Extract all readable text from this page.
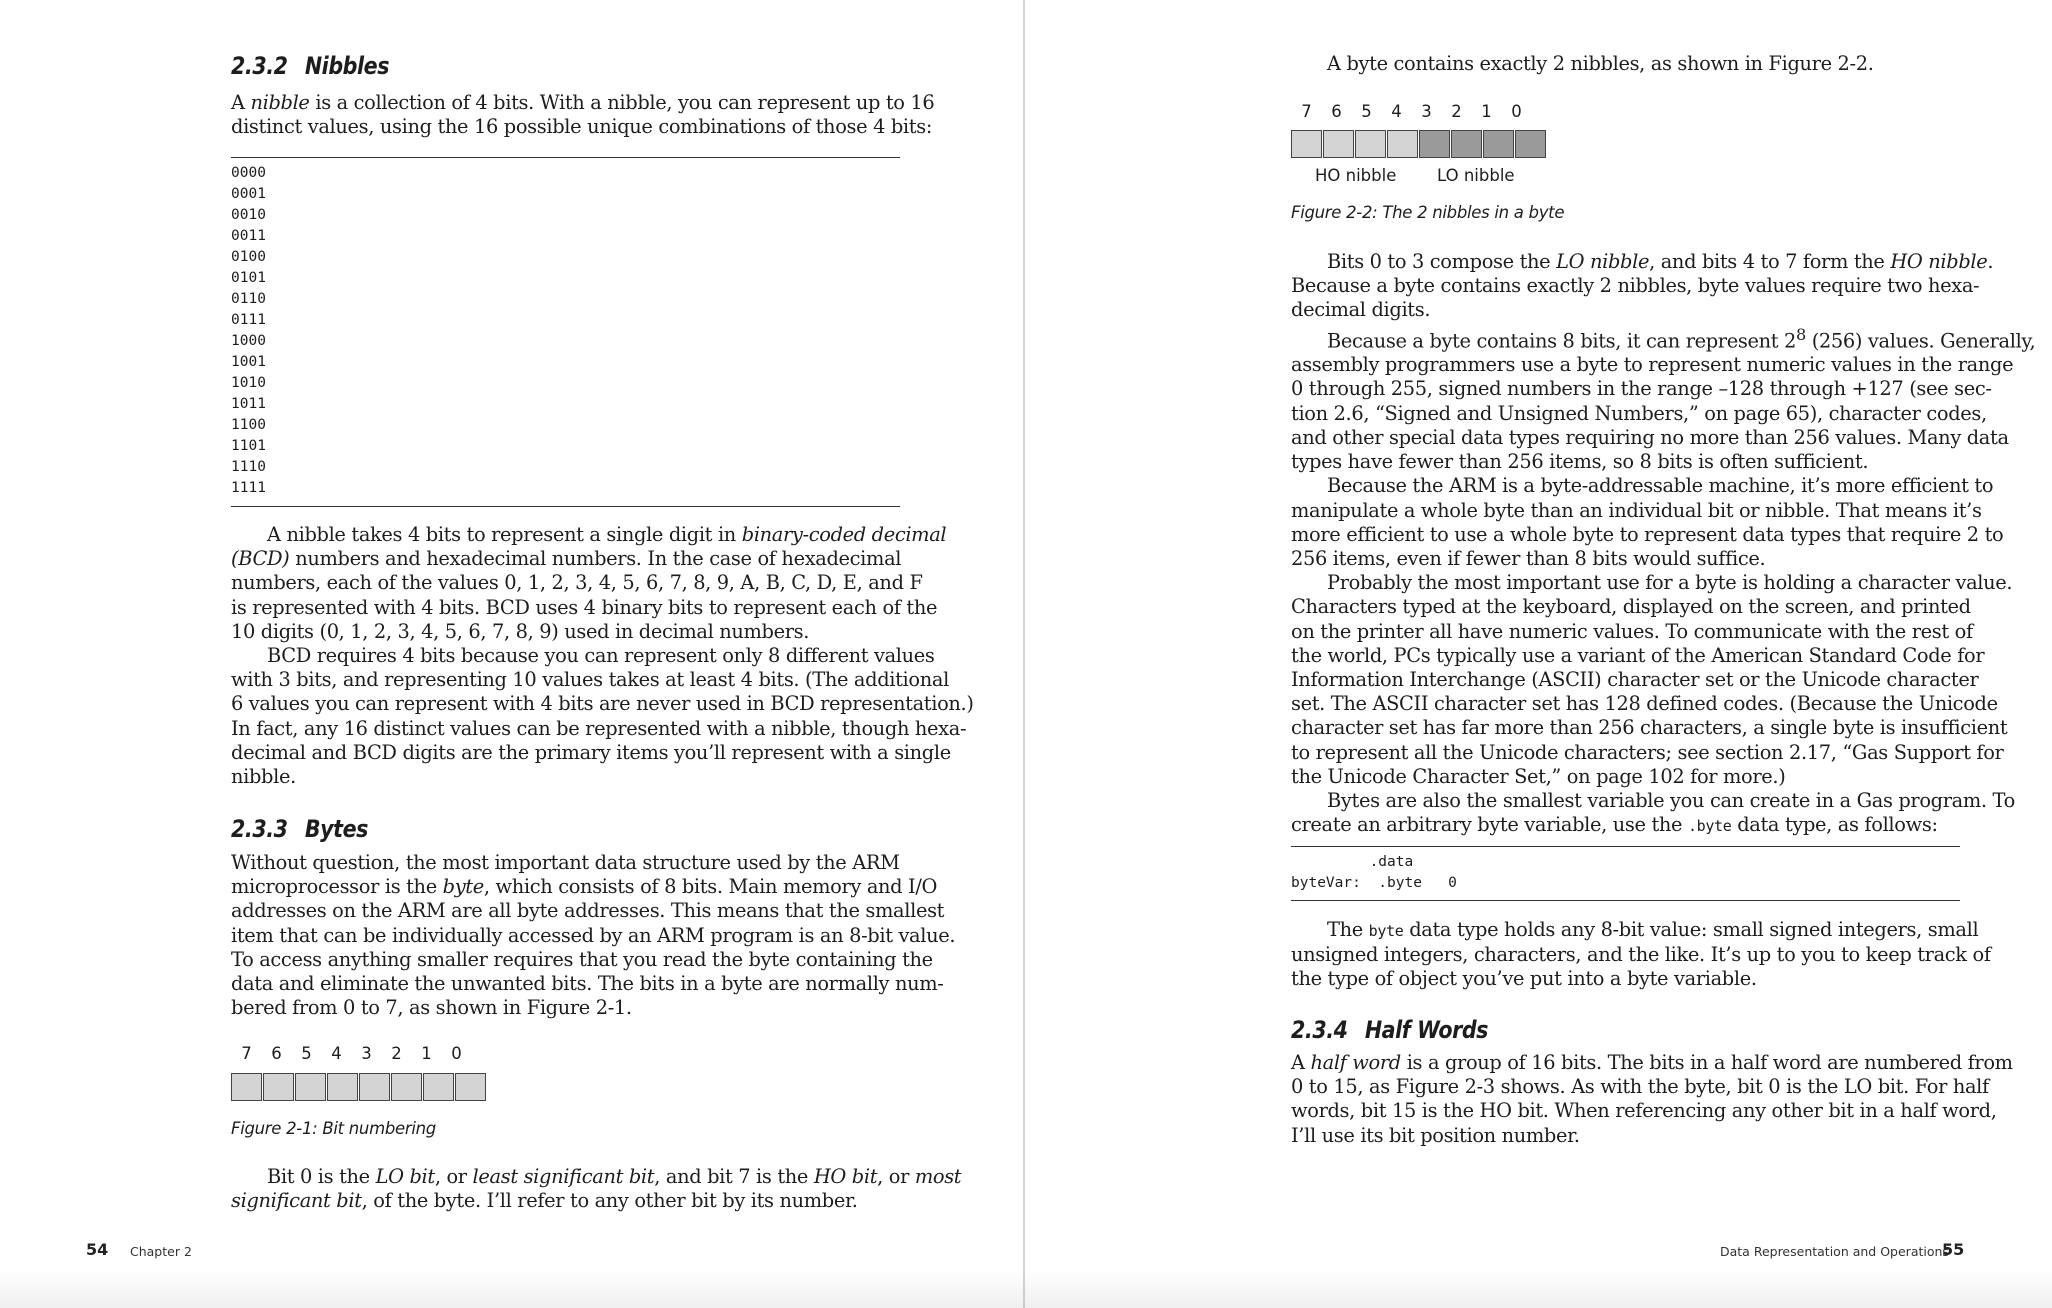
2.3.2 Nibbles
A nibble is a collection of 4 bits. With a nibble, you can represent up to 16
distinct values, using the 16 possible unique combinations of those 4 bits:
0000
0001
0010
0011
0100
0101
0110
0111
1000
1001
1010
1011
1100
1101
1110
1111
A nibble takes 4 bits to represent a single digit in binary-coded decimal
(BCD) numbers and hexadecimal numbers. In the case of hexadecimal
numbers, each of the values 0, 1, 2, 3, 4, 5, 6, 7, 8, 9, A, B, C, D, E, and F
is represented with 4 bits. BCD uses 4 binary bits to represent each of the
10 digits (0, 1, 2, 3, 4, 5, 6, 7, 8, 9) used in decimal numbers.
BCD requires 4 bits because you can represent only 8 different values
with 3 bits, and representing 10 values takes at least 4 bits. (The additional
6 values you can represent with 4 bits are never used in BCD representation.)
In fact, any 16 distinct values can be represented with a nibble, though hexa-
decimal and BCD digits are the primary items you’ll represent with a single
nibble.
2.3.3 Bytes
Without question, the most important data structure used by the ARM
microprocessor is the byte, which consists of 8 bits. Main memory and I/O
addresses on the ARM are all byte addresses. This means that the smallest
item that can be individually accessed by an ARM program is an 8-bit value.
To access anything smaller requires that you read the byte containing the
data and eliminate the unwanted bits. The bits in a byte are normally num-
bered from 0 to 7, as shown in Figure 2-1.
7	6	5	4	3	2	1	0
Figure 2-1: Bit numbering
Bit 0 is the LO bit, or least significant bit, and bit 7 is the HO bit, or most
significant bit, of the byte. I’ll refer to any other bit by its number.
54 Chapter 2
A byte contains exactly 2 nibbles, as shown in Figure 2-2.
7	6	5	4	3	2	1	0
HO nibble LO nibble
Figure 2-2: The 2 nibbles in a byte
Bits 0 to 3 compose the LO nibble, and bits 4 to 7 form the HO nibble.
Because a byte contains exactly 2 nibbles, byte values require two hexa-
decimal digits.
Because a byte contains 8 bits, it can represent $2^8$ (256) values. Generally,
assembly programmers use a byte to represent numeric values in the range
0 through 255, signed numbers in the range –128 through +127 (see sec-
tion 2.6, “Signed and Unsigned Numbers,” on page 65), character codes,
and other special data types requiring no more than 256 values. Many data
types have fewer than 256 items, so 8 bits is often sufficient.
Because the ARM is a byte-addressable machine, it’s more efficient to
manipulate a whole byte than an individual bit or nibble. That means it’s
more efficient to use a whole byte to represent data types that require 2 to
256 items, even if fewer than 8 bits would suffice.
Probably the most important use for a byte is holding a character value.
Characters typed at the keyboard, displayed on the screen, and printed
on the printer all have numeric values. To communicate with the rest of
the world, PCs typically use a variant of the American Standard Code for
Information Interchange (ASCII) character set or the Unicode character
set. The ASCII character set has 128 defined codes. (Because the Unicode
character set has far more than 256 characters, a single byte is insufficient
to represent all the Unicode characters; see section 2.17, “Gas Support for
the Unicode Character Set,” on page 102 for more.)
Bytes are also the smallest variable you can create in a Gas program. To
create an arbitrary byte variable, use the .byte data type, as follows:
.data
byteVar:  .byte   0
The byte data type holds any 8-bit value: small signed integers, small
unsigned integers, characters, and the like. It’s up to you to keep track of
the type of object you’ve put into a byte variable.
2.3.4 Half Words
A half word is a group of 16 bits. The bits in a half word are numbered from
0 to 15, as Figure 2-3 shows. As with the byte, bit 0 is the LO bit. For half
words, bit 15 is the HO bit. When referencing any other bit in a half word,
I’ll use its bit position number.
Data Representation and Operations
55
